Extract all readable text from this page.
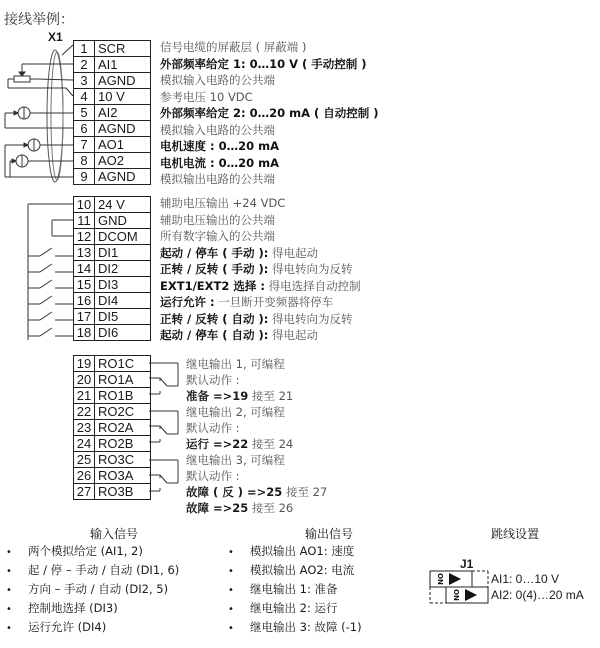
接线举例：
X1
ON
ON
1 SCR
2 AI1
3 AGND
4 10 V
5 AI2
6 AGND
7 AO1
8 AO2
9 AGND
信号电缆的屏蔽层 ( 屏蔽端 )
外部频率给定 1: 0…10 V ( 手动控制 )
模拟输入电路的公共端
参考电压 10 VDC
外部频率给定 2: 0…20 mA ( 自动控制 )
模拟输入电路的公共端
电机速度 : 0…20 mA
电机电流 : 0…20 mA
模拟输出电路的公共端
10 24 V
11 GND
12 DCOM
13 DI1
14 DI2
15 DI3
16 DI4
17 DI5
18 DI6
辅助电压输出 +24 VDC
辅助电压输出的公共端
所有数字输入的公共端
起动 / 停车 ( 手动 ): 得电起动
正转 / 反转 ( 手动 ): 得电转向为反转
EXT1/EXT2 选择 : 得电选择自动控制
运行允许 : 一旦断开变频器将停车
正转 / 反转 ( 自动 ): 得电转向为反转
起动 / 停车 ( 自动 ): 得电起动
19 RO1C
20 RO1A
21 RO1B
22 RO2C
23 RO2A
24 RO2B
25 RO3C
26 RO3A
27 RO3B
继电输出 1, 可编程
默认动作 :
准备 =>19 接至 21
继电输出 2, 可编程
默认动作 :
运行 =>22 接至 24
继电输出 3, 可编程
默认动作 :
故障 ( 反 ) =>25 接至 27
故障 =>25 接至 26
输入信号
• 两个模拟给定 (AI1, 2)
• 起 / 停 – 手动 / 自动 (DI1, 6)
• 方向 – 手动 / 自动 (DI2, 5)
• 控制地选择 (DI3)
• 运行允许 (DI4)
输出信号
• 模拟输出 AO1: 速度
• 模拟输出 AO2: 电流
• 继电输出 1: 准备
• 继电输出 2: 运行
• 继电输出 3: 故障 (-1)
跳线设置
J1
AI1: 0…10 V
AI2: 0(4)…20 mA
